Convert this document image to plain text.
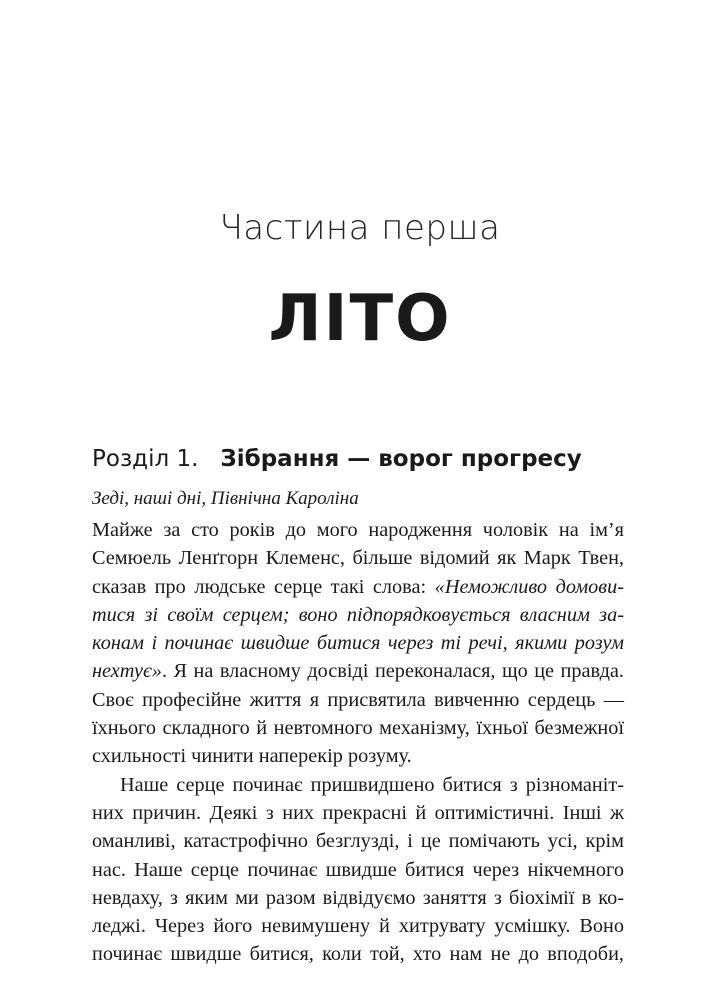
Частина перша
ЛІТО
Розділ 1. Зібрання — ворог прогресу
Зеді, наші дні, Північна Кароліна
Майже за сто років до мого народження чоловік на ім’я
Семюель Ленґгорн Клеменс, більше відомий як Марк Твен,
сказав про людське серце такі слова: «Неможливо домови-
тися зі своїм серцем; воно підпорядковується власним за-
конам і починає швидше битися через ті речі, якими розум
нехтує». Я на власному досвіді переконалася, що це правда.
Своє професійне життя я присвятила вивченню сердець —
їхнього складного й невтомного механізму, їхньої безмежної
схильності чинити наперекір розуму.
Наше серце починає пришвидшено битися з різноманіт-
них причин. Деякі з них прекрасні й оптимістичні. Інші ж
оманливі, катастрофічно безглузді, і це помічають усі, крім
нас. Наше серце починає швидше битися через нікчемного
невдаху, з яким ми разом відвідуємо заняття з біохімії в ко-
леджі. Через його невимушену й хитрувату усмішку. Воно
починає швидше битися, коли той, хто нам не до вподоби,
